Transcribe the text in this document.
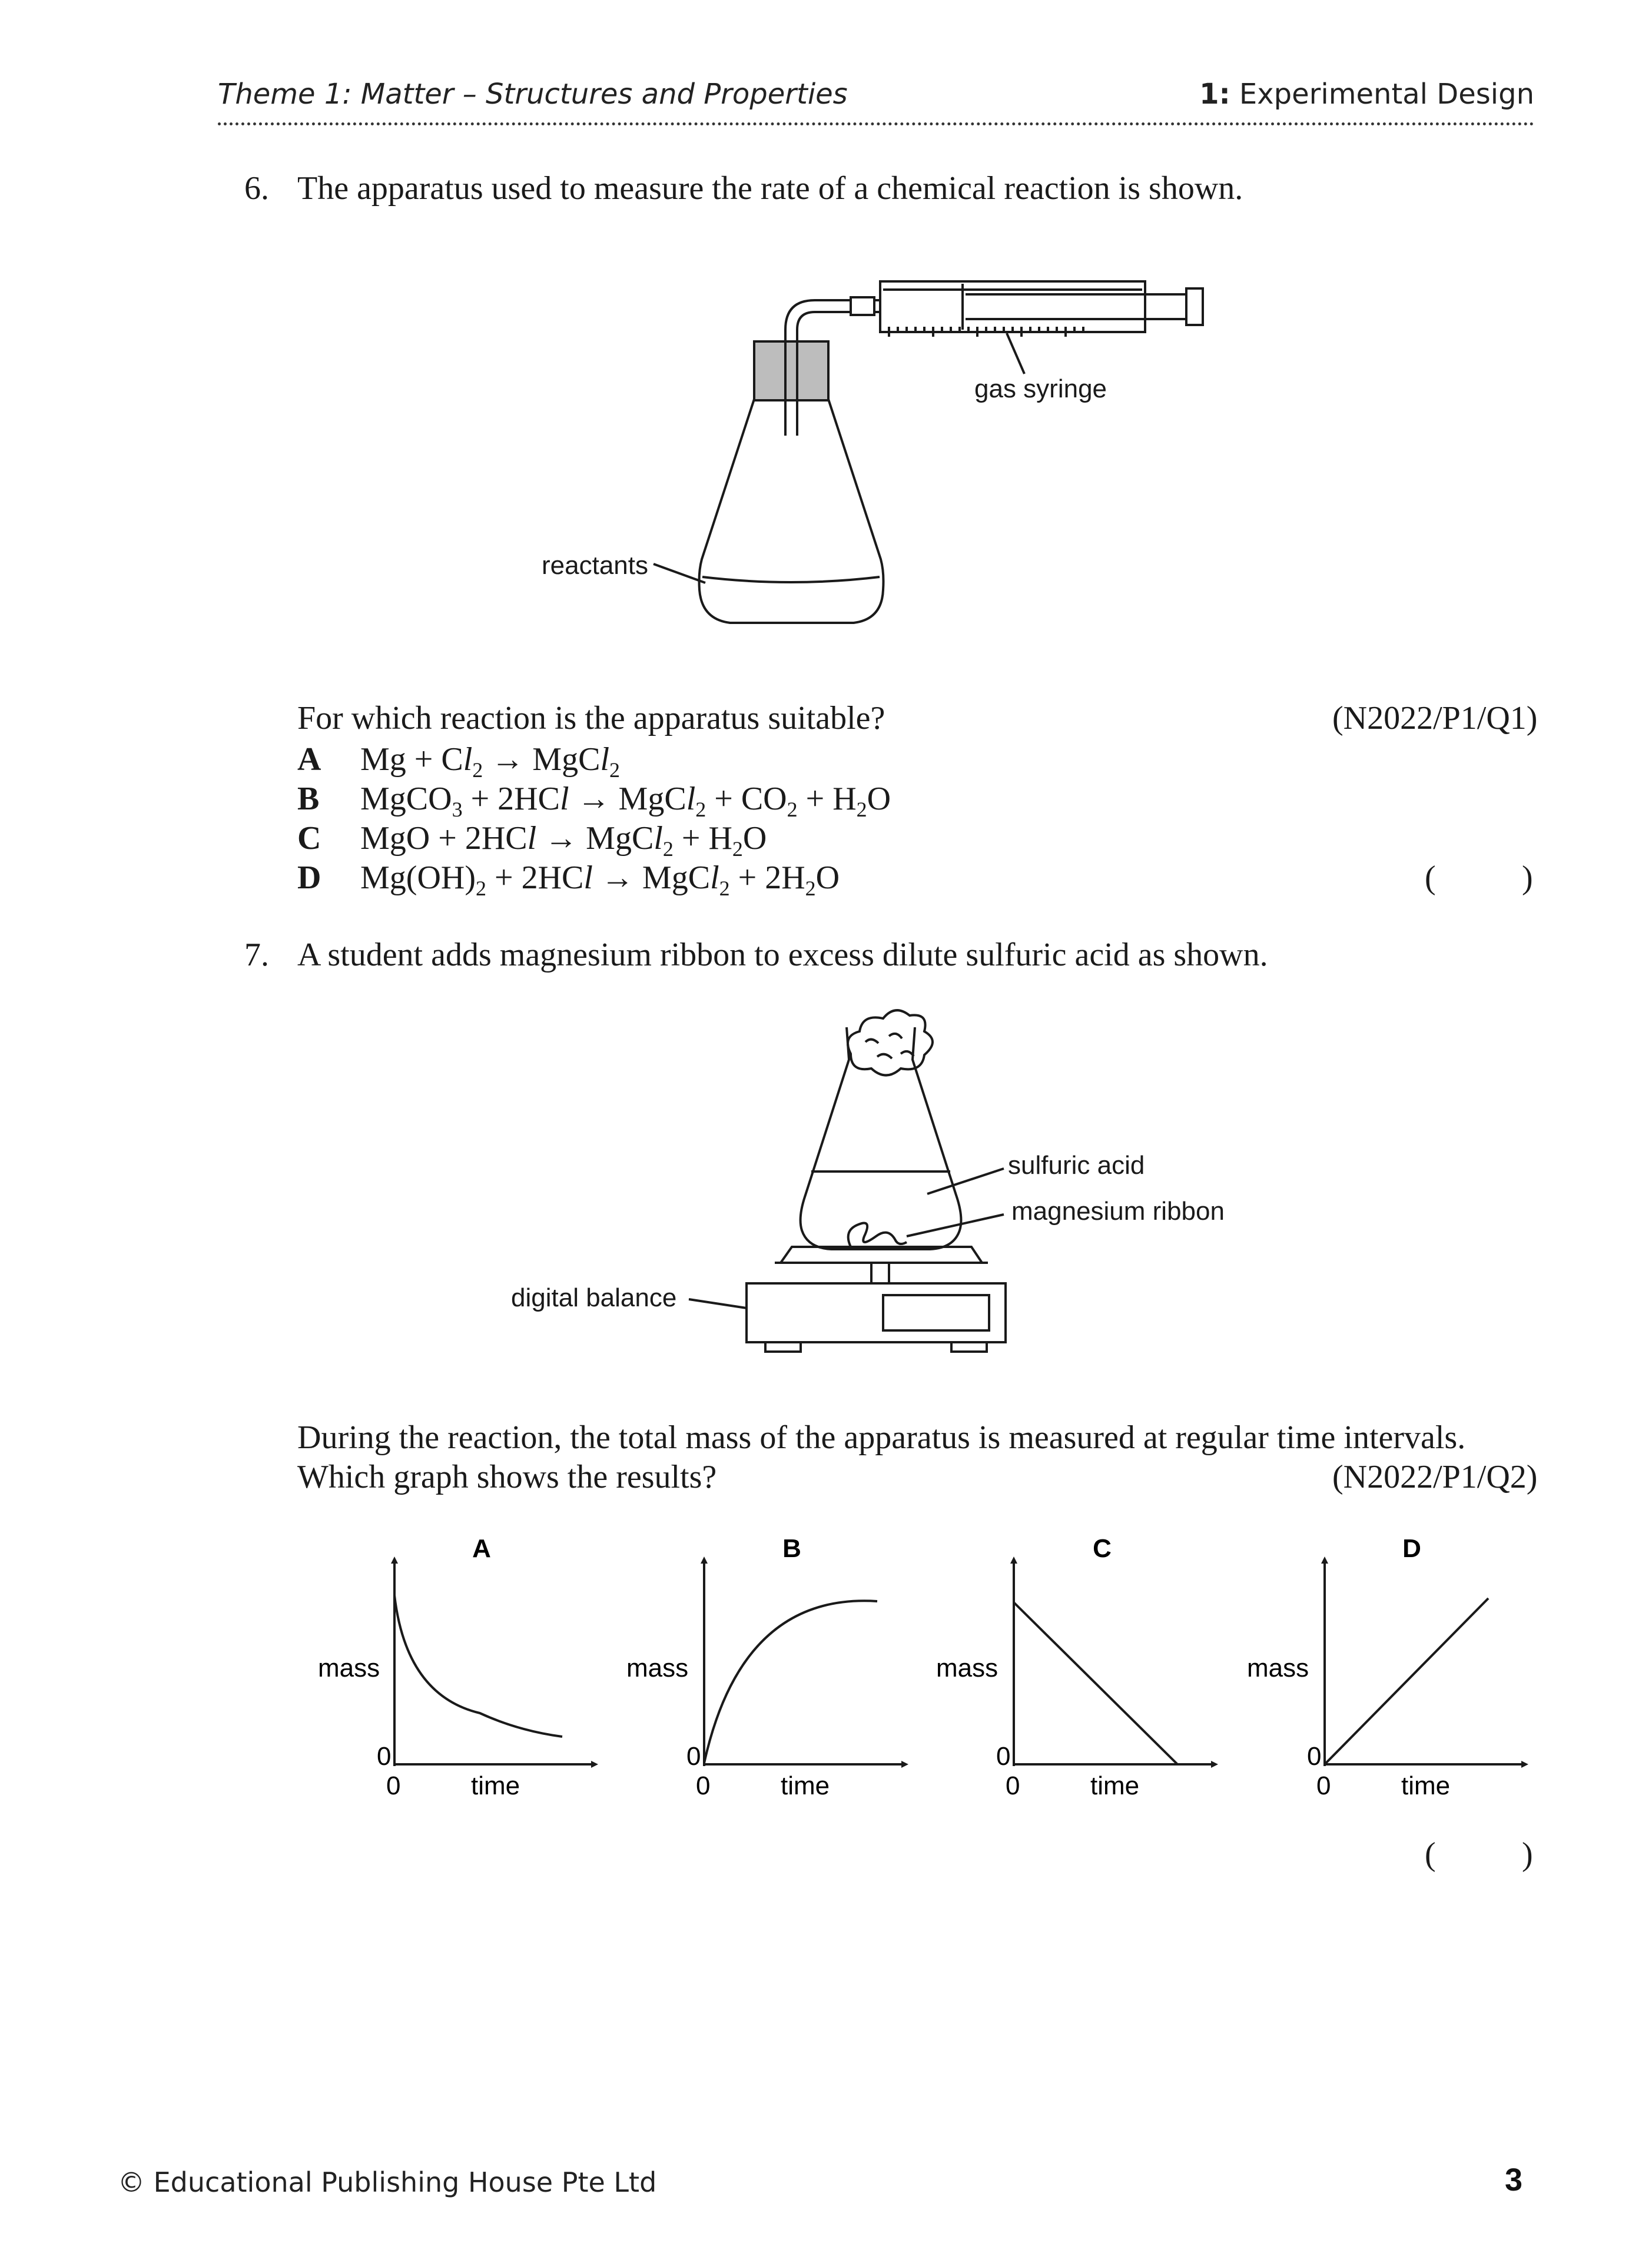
Theme 1: Matter – Structures and Properties	1: Experimental Design
6. The apparatus used to measure the rate of a chemical reaction is shown.
gas syringe
reactants
For which reaction is the apparatus suitable?	(N2022/P1/Q1)
A $Mg + Cl_2$ → MgCl$_2$
B MgCO$_3$ + 2HCl → MgCl$_2$ + $CO_2 + H_2O$
C MgO + 2HCl → MgCl$_2$ + $H_2O$
D $Mg(OH)_2 + 2HCl$ → MgCl$_2$ + $2H_2O$	(	)
7. A student adds magnesium ribbon to excess dilute sulfuric acid as shown.
sulfuric acid
magnesium ribbon
digital balance
During the reaction, the total mass of the apparatus is measured at regular time intervals.
Which graph shows the results?	(N2022/P1/Q2)
A
mass
0
0	time
B
mass
0
0	time
C
mass
0
0	time
D
mass
0
0	time
(	)
© Educational Publishing House Pte Ltd	3
